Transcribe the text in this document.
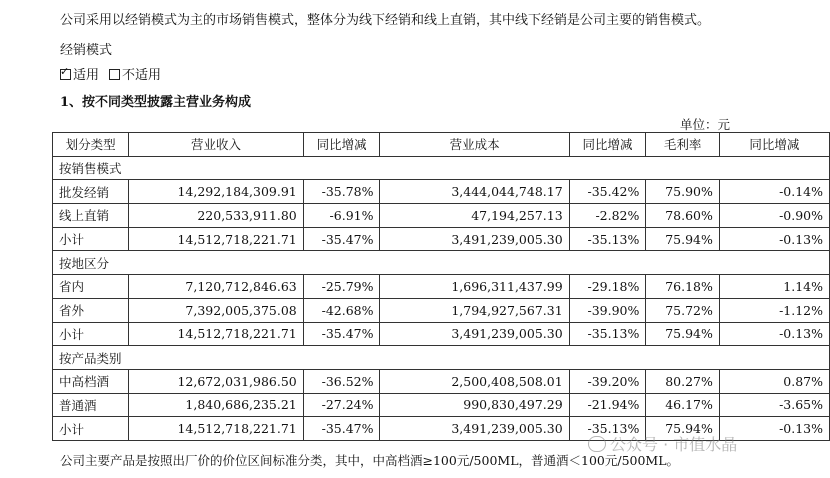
公司采用以经销模式为主的市场销售模式，整体分为线下经销和线上直销，其中线下经销是公司主要的销售模式。
经销模式
✓适用 不适用
1、按不同类型披露主营业务构成
单位：元
划分类型	营业收入	同比增减	营业成本	同比增减	毛利率	同比增减
按销售模式						
批发经销	14,292,184,309.91	-35.78%	3,444,044,748.17	-35.42%	75.90%	-0.14%
线上直销	220,533,911.80	-6.91%	47,194,257.13	-2.82%	78.60%	-0.90%
小计	14,512,718,221.71	-35.47%	3,491,239,005.30	-35.13%	75.94%	-0.13%
按地区分						
省内	7,120,712,846.63	-25.79%	1,696,311,437.99	-29.18%	76.18%	1.14%
省外	7,392,005,375.08	-42.68%	1,794,927,567.31	-39.90%	75.72%	-1.12%
小计	14,512,718,221.71	-35.47%	3,491,239,005.30	-35.13%	75.94%	-0.13%
按产品类别						
中高档酒	12,672,031,986.50	-36.52%	2,500,408,508.01	-39.20%	80.27%	0.87%
普通酒	1,840,686,235.21	-27.24%	990,830,497.29	-21.94%	46.17%	-3.65%
小计	14,512,718,221.71	-35.47%	3,491,239,005.30	-35.13%	75.94%	-0.13%
公司主要产品是按照出厂价的价位区间标准分类，其中，中高档酒≥100元/500ML，普通酒＜100元/500ML。
公众号 · 市值水晶
